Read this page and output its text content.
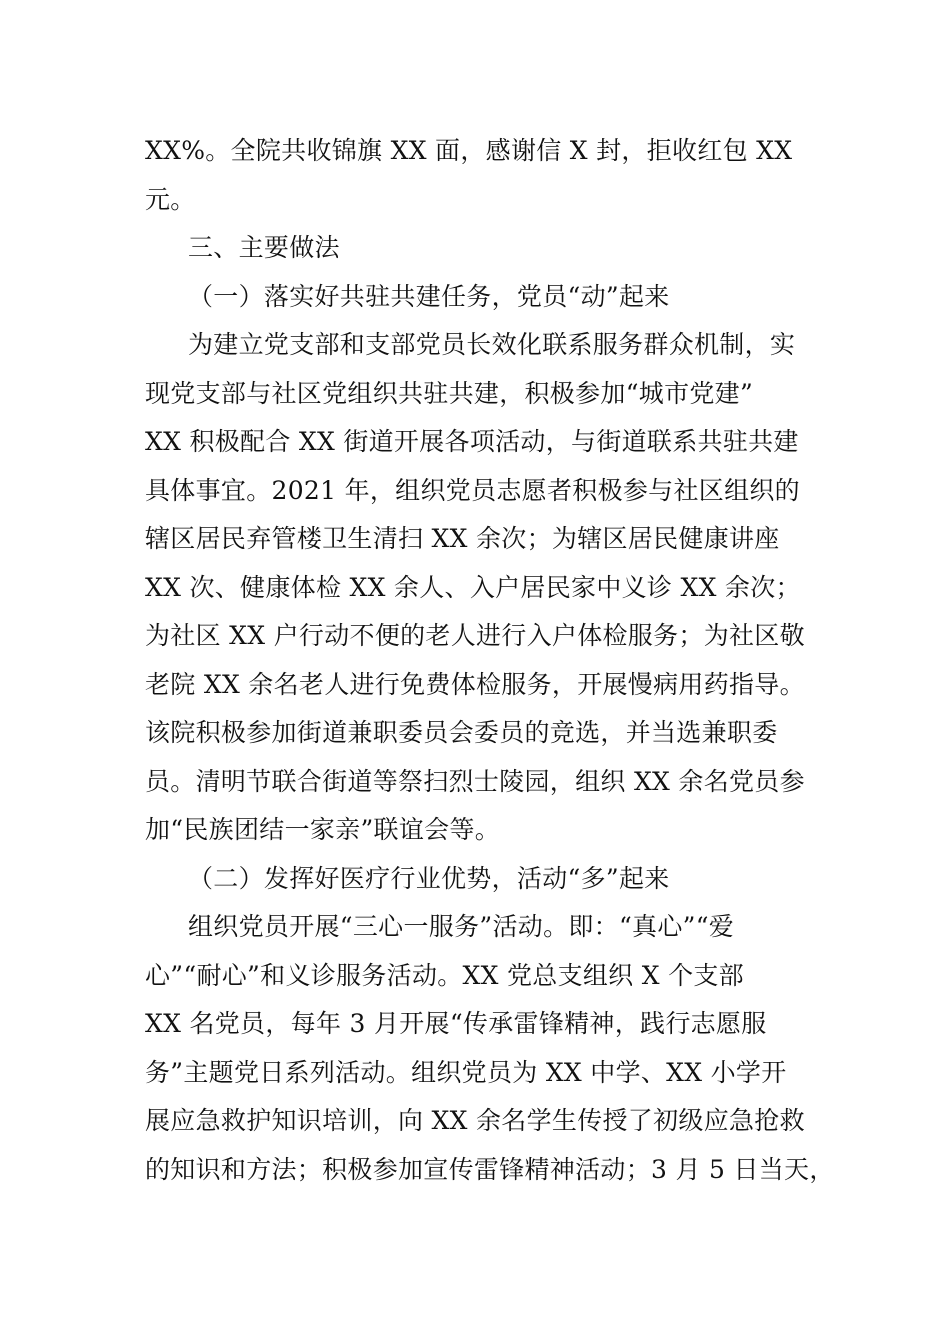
XX%。全院共收锦旗 XX 面，感谢信 X 封，拒收红包 XX
元。
三、主要做法
（一）落实好共驻共建任务，党员“动”起来
为建立党支部和支部党员长效化联系服务群众机制，实
现党支部与社区党组织共驻共建，积极参加“城市党建”
XX 积极配合 XX 街道开展各项活动，与街道联系共驻共建
具体事宜。2021 年，组织党员志愿者积极参与社区组织的
辖区居民弃管楼卫生清扫 XX 余次；为辖区居民健康讲座
XX 次、健康体检 XX 余人、入户居民家中义诊 XX 余次；
为社区 XX 户行动不便的老人进行入户体检服务；为社区敬
老院 XX 余名老人进行免费体检服务，开展慢病用药指导。
该院积极参加街道兼职委员会委员的竞选，并当选兼职委
员。清明节联合街道等祭扫烈士陵园，组织 XX 余名党员参
加“民族团结一家亲”联谊会等。
（二）发挥好医疗行业优势，活动“多”起来
组织党员开展“三心一服务”活动。即：“真心”“爱
心”“耐心”和义诊服务活动。XX 党总支组织 X 个支部
XX 名党员，每年 3 月开展“传承雷锋精神，践行志愿服
务”主题党日系列活动。组织党员为 XX 中学、XX 小学开
展应急救护知识培训，向 XX 余名学生传授了初级应急抢救
的知识和方法；积极参加宣传雷锋精神活动；3 月 5 日当天，
